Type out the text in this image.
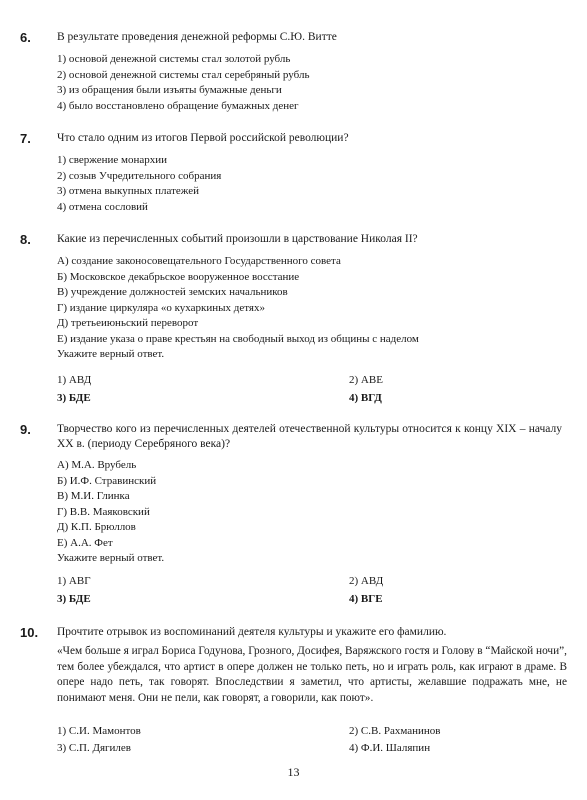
6. В результате проведения денежной реформы С.Ю. Витте
1) основой денежной системы стал золотой рубль
2) основой денежной системы стал серебряный рубль
3) из обращения были изъяты бумажные деньги
4) было восстановлено обращение бумажных денег
7. Что стало одним из итогов Первой российской революции?
1) свержение монархии
2) созыв Учредительного собрания
3) отмена выкупных платежей
4) отмена сословий
8. Какие из перечисленных событий произошли в царствование Николая II?
А) создание законосовещательного Государственного совета
Б) Московское декабрьское вооруженное восстание
В) учреждение должностей земских начальников
Г) издание циркуляра «о кухаркиных детях»
Д) третьеиюньский переворот
Е) издание указа о праве крестьян на свободный выход из общины с наделом
Укажите верный ответ.
1) АВД	2) АВЕ
3) БДЕ	4) ВГД
9. Творчество кого из перечисленных деятелей отечественной культуры относится к концу XIX – началу XX в. (периоду Серебряного века)?
А) М.А. Врубель
Б) И.Ф. Стравинский
В) М.И. Глинка
Г) В.В. Маяковский
Д) К.П. Брюллов
Е) А.А. Фет
Укажите верный ответ.
1) АВГ	2) АВД
3) БДЕ	4) ВГЕ
10. Прочтите отрывок из воспоминаний деятеля культуры и укажите его фамилию.
«Чем больше я играл Бориса Годунова, Грозного, Досифея, Варяжского гостя и Голову в “Майской ночи”, тем более убеждался, что артист в опере должен не только петь, но и играть роль, как играют в драме. В опере надо петь, так говорят. Впоследствии я заметил, что артисты, желавшие подражать мне, не понимают меня. Они не пели, как говорят, а говорили, как поют».
1) С.И. Мамонтов	2) С.В. Рахманинов
3) С.П. Дягилев	4) Ф.И. Шаляпин
13
